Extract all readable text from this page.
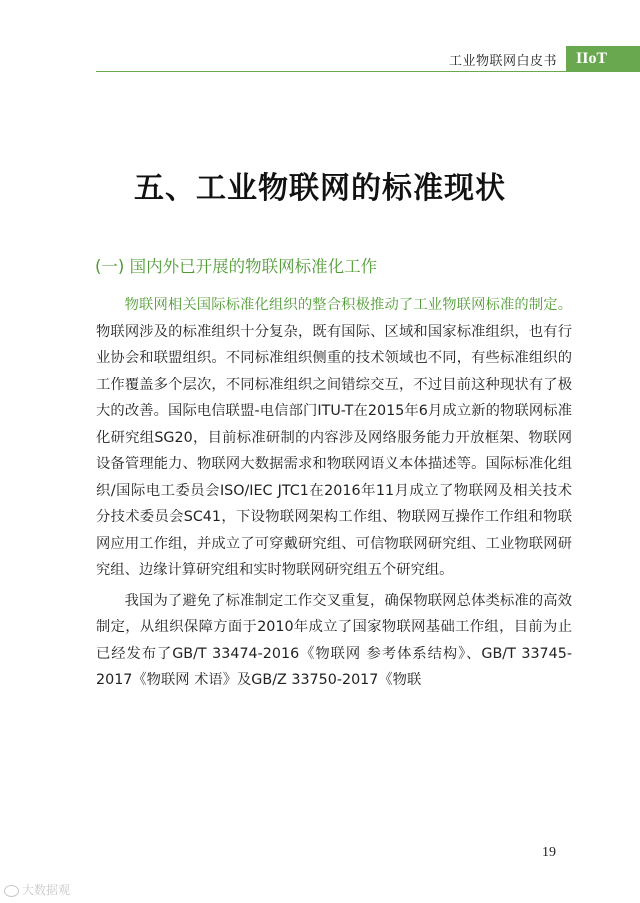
工业物联网白皮书	IIoT
五、工业物联网的标准现状
(一) 国内外已开展的物联网标准化工作

物联网相关国际标准化组织的整合积极推动了工业物联网标准的制定。物联网涉及的标准组织十分复杂，既有国际、区域和国家标准组织，也有行业协会和联盟组织。不同标准组织侧重的技术领域也不同，有些标准组织的工作覆盖多个层次，不同标准组织之间错综交互，不过目前这种现状有了极大的改善。国际电信联盟-电信部门ITU-T在2015年6月成立新的物联网标准化研究组SG20，目前标准研制的内容涉及网络服务能力开放框架、物联网设备管理能力、物联网大数据需求和物联网语义本体描述等。国际标准化组织/国际电工委员会ISO/IEC JTC1在2016年11月成立了物联网及相关技术分技术委员会SC41，下设物联网架构工作组、物联网互操作工作组和物联网应用工作组，并成立了可穿戴研究组、可信物联网研究组、工业物联网研究组、边缘计算研究组和实时物联网研究组五个研究组。

我国为了避免了标准制定工作交叉重复，确保物联网总体类标准的高效制定，从组织保障方面于2010年成立了国家物联网基础工作组，目前为止已经发布了GB/T 33474-2016《物联网 参考体系结构》、GB/T 33745-2017《物联网 术语》及GB/Z 33750-2017《物联

19
大数据观
